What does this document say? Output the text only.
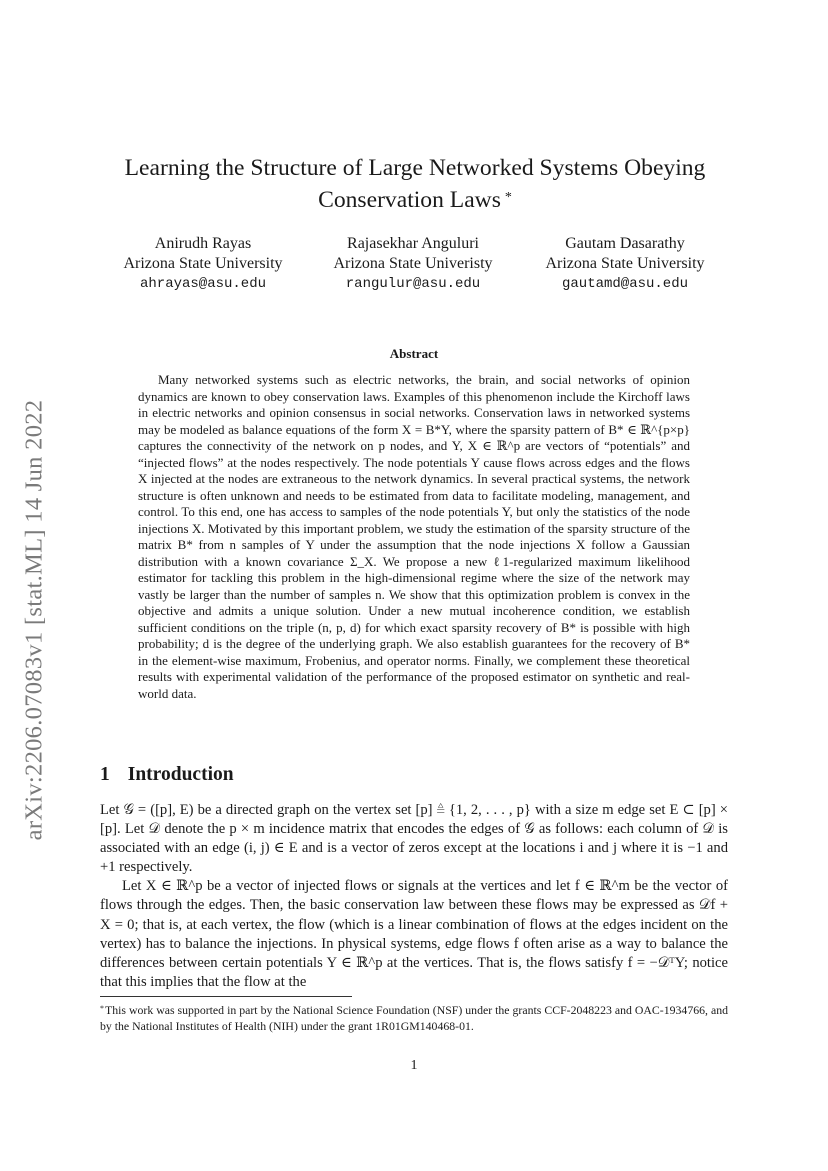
arXiv:2206.07083v1 [stat.ML] 14 Jun 2022
Learning the Structure of Large Networked Systems Obeying
Conservation Laws *
Anirudh Rayas
Arizona State University
ahrayas@asu.edu
Rajasekhar Anguluri
Arizona State Univeristy
rangulur@asu.edu
Gautam Dasarathy
Arizona State University
gautamd@asu.edu
Abstract

Many networked systems such as electric networks, the brain, and social networks of opinion dynamics are known to obey conservation laws. Examples of this phenomenon include the Kirchoff laws in electric networks and opinion consensus in social networks. Conservation laws in networked systems may be modeled as balance equations of the form X = B*Y, where the sparsity pattern of B* ∈ ℝ^{p×p} captures the connectivity of the network on p nodes, and Y, X ∈ ℝ^p are vectors of “potentials” and “injected flows” at the nodes respectively. The node potentials Y cause flows across edges and the flows X injected at the nodes are extraneous to the network dynamics. In several practical systems, the network structure is often unknown and needs to be estimated from data to facilitate modeling, management, and control. To this end, one has access to samples of the node potentials Y, but only the statistics of the node injections X. Motivated by this important problem, we study the estimation of the sparsity structure of the matrix B* from n samples of Y under the assumption that the node injections X follow a Gaussian distribution with a known covariance Σ_X. We propose a new ℓ1-regularized maximum likelihood estimator for tackling this problem in the high-dimensional regime where the size of the network may vastly be larger than the number of samples n. We show that this optimization problem is convex in the objective and admits a unique solution. Under a new mutual incoherence condition, we establish sufficient conditions on the triple (n, p, d) for which exact sparsity recovery of B* is possible with high probability; d is the degree of the underlying graph. We also establish guarantees for the recovery of B* in the element-wise maximum, Frobenius, and operator norms. Finally, we complement these theoretical results with experimental validation of the performance of the proposed estimator on synthetic and real-world data.

1 Introduction

Let 𝒢 = ([p], E) be a directed graph on the vertex set [p] ≜ {1, 2, . . . , p} with a size m edge set E ⊂ [p] × [p]. Let 𝒟 denote the p × m incidence matrix that encodes the edges of 𝒢 as follows: each column of 𝒟 is associated with an edge (i, j) ∈ E and is a vector of zeros except at the locations i and j where it is −1 and +1 respectively.

Let X ∈ ℝ^p be a vector of injected flows or signals at the vertices and let f ∈ ℝ^m be the vector of flows through the edges. Then, the basic conservation law between these flows may be expressed as 𝒟f + X = 0; that is, at each vertex, the flow (which is a linear combination of flows at the edges incident on the vertex) has to balance the injections. In physical systems, edge flows f often arise as a way to balance the differences between certain potentials Y ∈ ℝ^p at the vertices. That is, the flows satisfy f = −𝒟ᵀY; notice that this implies that the flow at the

*This work was supported in part by the National Science Foundation (NSF) under the grants CCF-2048223 and OAC-1934766, and by the National Institutes of Health (NIH) under the grant 1R01GM140468-01.

1
